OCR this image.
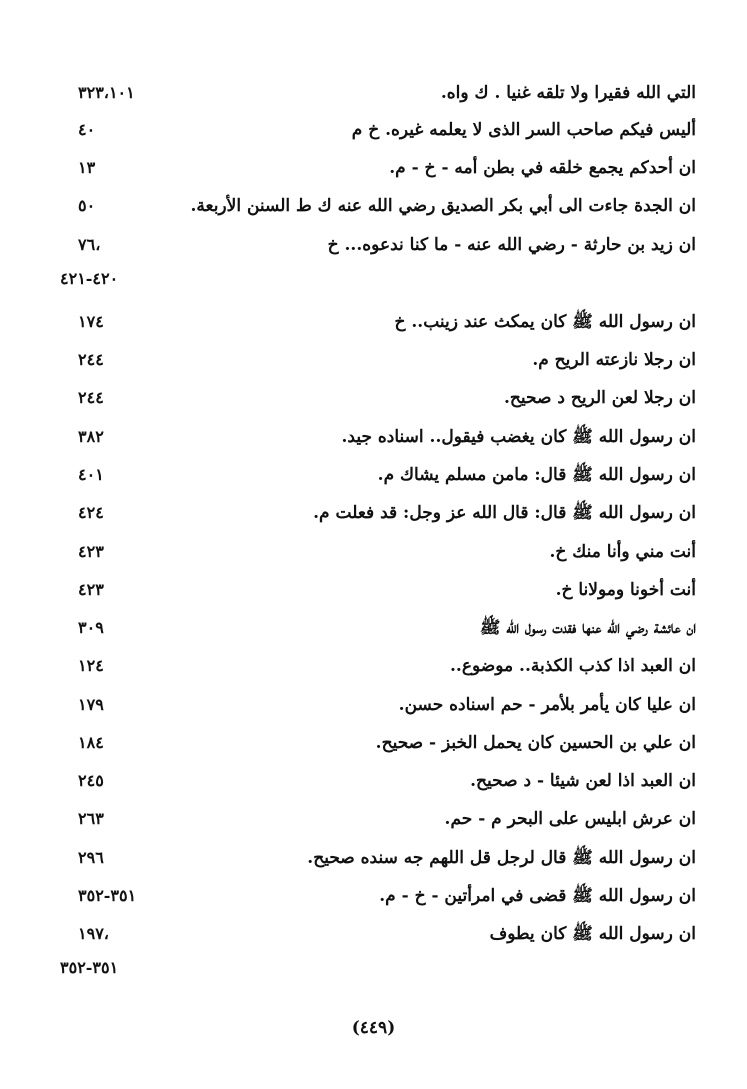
التي الله فقيرا ولا تلقه غنيا . ك واه.
٣٢٣،١٠١
أليس فيكم صاحب السر الذى لا يعلمه غيره. خ م
٤٠
ان أحدكم يجمع خلقه في بطن أمه - خ - م.
١٣
ان الجدة جاءت الى أبي بكر الصديق رضي الله عنه ك ط السنن الأربعة.
٥٠
ان زيد بن حارثة - رضي الله عنه - ما كنا ندعوه... خ
،٧٦
٤٢٠-٤٢١
ان رسول الله ﷺ كان يمكث عند زينب.. خ
١٧٤
ان رجلا نازعته الريح م.
٢٤٤
ان رجلا لعن الريح د صحيح.
٢٤٤
ان رسول الله ﷺ كان يغضب فيقول.. اسناده جيد.
٣٨٢
ان رسول الله ﷺ قال: مامن مسلم يشاك م.
٤٠١
ان رسول الله ﷺ قال: قال الله عز وجل: قد فعلت م.
٤٢٤
أنت مني وأنا منك خ.
٤٢٣
أنت أخونا ومولانا خ.
٤٢٣
ان عائشة رضي الله عنها فقدت رسول الله ﷺ
٣٠٩
ان العبد اذا كذب الكذبة.. موضوع..
١٢٤
ان عليا كان يأمر بلأمر - حم اسناده حسن.
١٧٩
ان علي بن الحسين كان يحمل الخبز - صحيح.
١٨٤
ان العبد اذا لعن شيئا - د صحيح.
٢٤٥
ان عرش ابليس على البحر م - حم.
٢٦٣
ان رسول الله ﷺ قال لرجل قل اللهم جه سنده صحيح.
٢٩٦
ان رسول الله ﷺ قضى في امرأتين - خ - م.
٣٥١-٣٥٢
ان رسول الله ﷺ كان يطوف
،١٩٧
٣٥١-٣٥٢
(٤٤٩)
